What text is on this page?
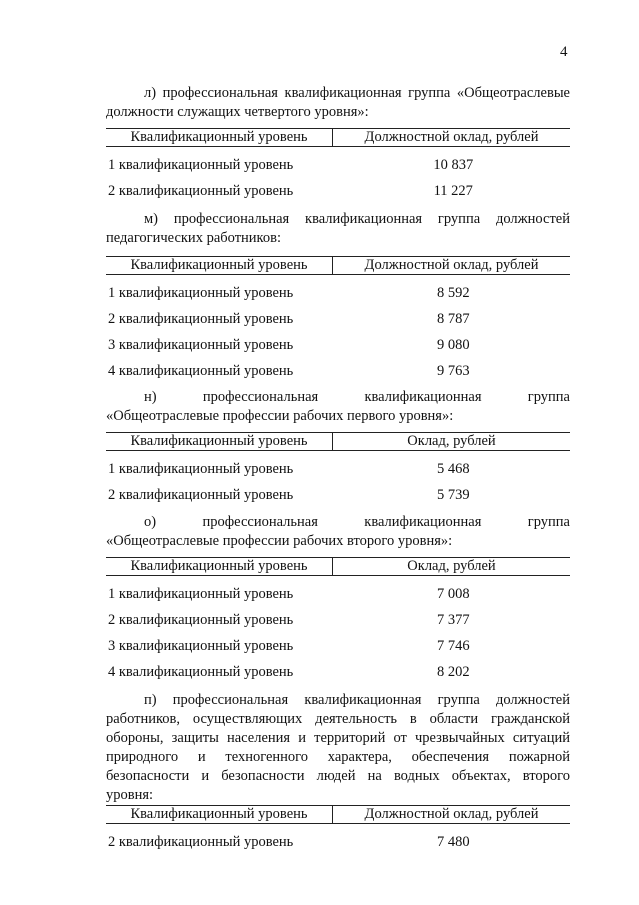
4
л) профессиональная квалификационная группа «Общеотраслевые
должности служащих четвертого уровня»:
Квалификационный уровень	Должностной оклад, рублей
1 квалификационный уровень	10 837
2 квалификационный уровень	11 227
м) профессиональная квалификационная группа должностей
педагогических работников:
Квалификационный уровень	Должностной оклад, рублей
1 квалификационный уровень	8 592
2 квалификационный уровень	8 787
3 квалификационный уровень	9 080
4 квалификационный уровень	9 763
н) профессиональная квалификационная группа
«Общеотраслевые профессии рабочих первого уровня»:
Квалификационный уровень	Оклад, рублей
1 квалификационный уровень	5 468
2 квалификационный уровень	5 739
о) профессиональная квалификационная группа
«Общеотраслевые профессии рабочих второго уровня»:
Квалификационный уровень	Оклад, рублей
1 квалификационный уровень	7 008
2 квалификационный уровень	7 377
3 квалификационный уровень	7 746
4 квалификационный уровень	8 202
п) профессиональная квалификационная группа должностей
работников, осуществляющих деятельность в области гражданской
обороны, защиты населения и территорий от чрезвычайных ситуаций
природного и техногенного характера, обеспечения пожарной
безопасности и безопасности людей на водных объектах, второго
уровня:
Квалификационный уровень	Должностной оклад, рублей
2 квалификационный уровень	7 480
